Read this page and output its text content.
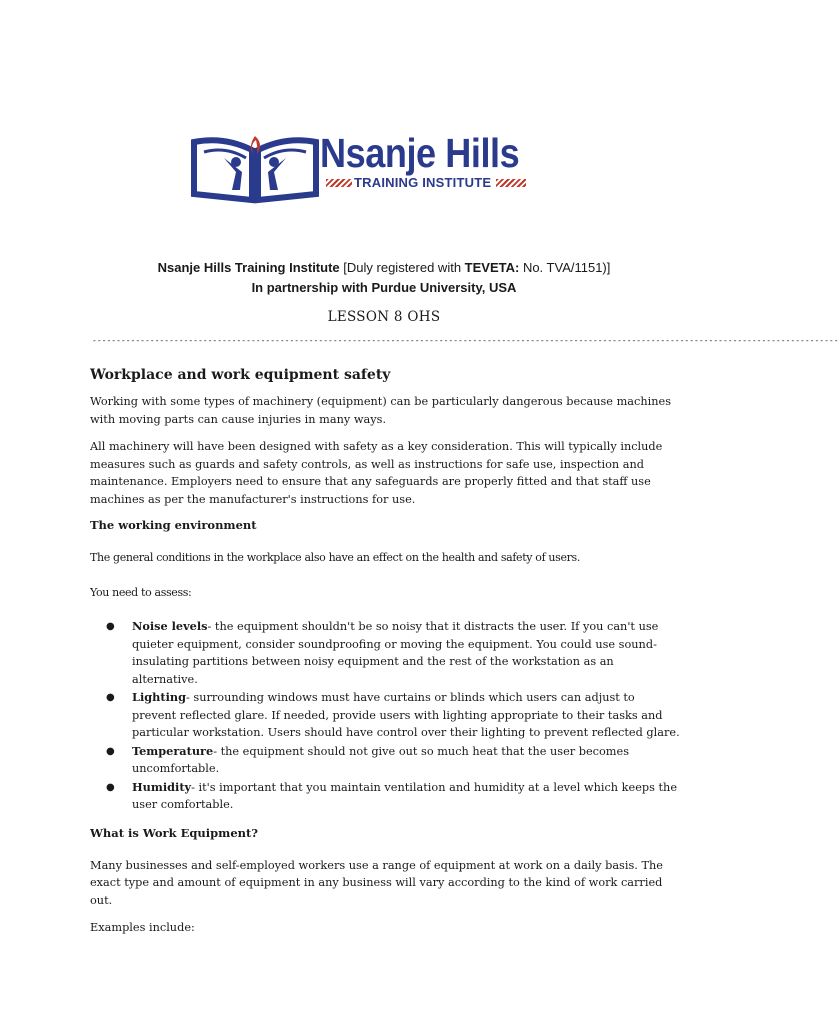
Nsanje Hills
TRAINING INSTITUTE
Nsanje Hills Training Institute [Duly registered with TEVETA: No. TVA/1151)]
In partnership with Purdue University, USA
LESSON 8 OHS
-----------------------------------------------------------------------------------------------------------------------------------------------------------
Workplace and work equipment safety

Working with some types of machinery (equipment) can be particularly dangerous because machines with moving parts can cause injuries in many ways.

All machinery will have been designed with safety as a key consideration. This will typically include measures such as guards and safety controls, as well as instructions for safe use, inspection and maintenance. Employers need to ensure that any safeguards are properly fitted and that staff use machines as per the manufacturer's instructions for use.

The working environment

The general conditions in the workplace also have an effect on the health and safety of users.

You need to assess:

● Noise levels- the equipment shouldn't be so noisy that it distracts the user. If you can't use quieter equipment, consider soundproofing or moving the equipment. You could use sound-insulating partitions between noisy equipment and the rest of the workstation as an alternative.
● Lighting- surrounding windows must have curtains or blinds which users can adjust to prevent reflected glare. If needed, provide users with lighting appropriate to their tasks and particular workstation. Users should have control over their lighting to prevent reflected glare.
● Temperature- the equipment should not give out so much heat that the user becomes uncomfortable.
● Humidity- it's important that you maintain ventilation and humidity at a level which keeps the user comfortable.
What is Work Equipment?

Many businesses and self-employed workers use a range of equipment at work on a daily basis. The exact type and amount of equipment in any business will vary according to the kind of work carried out.

Examples include:
